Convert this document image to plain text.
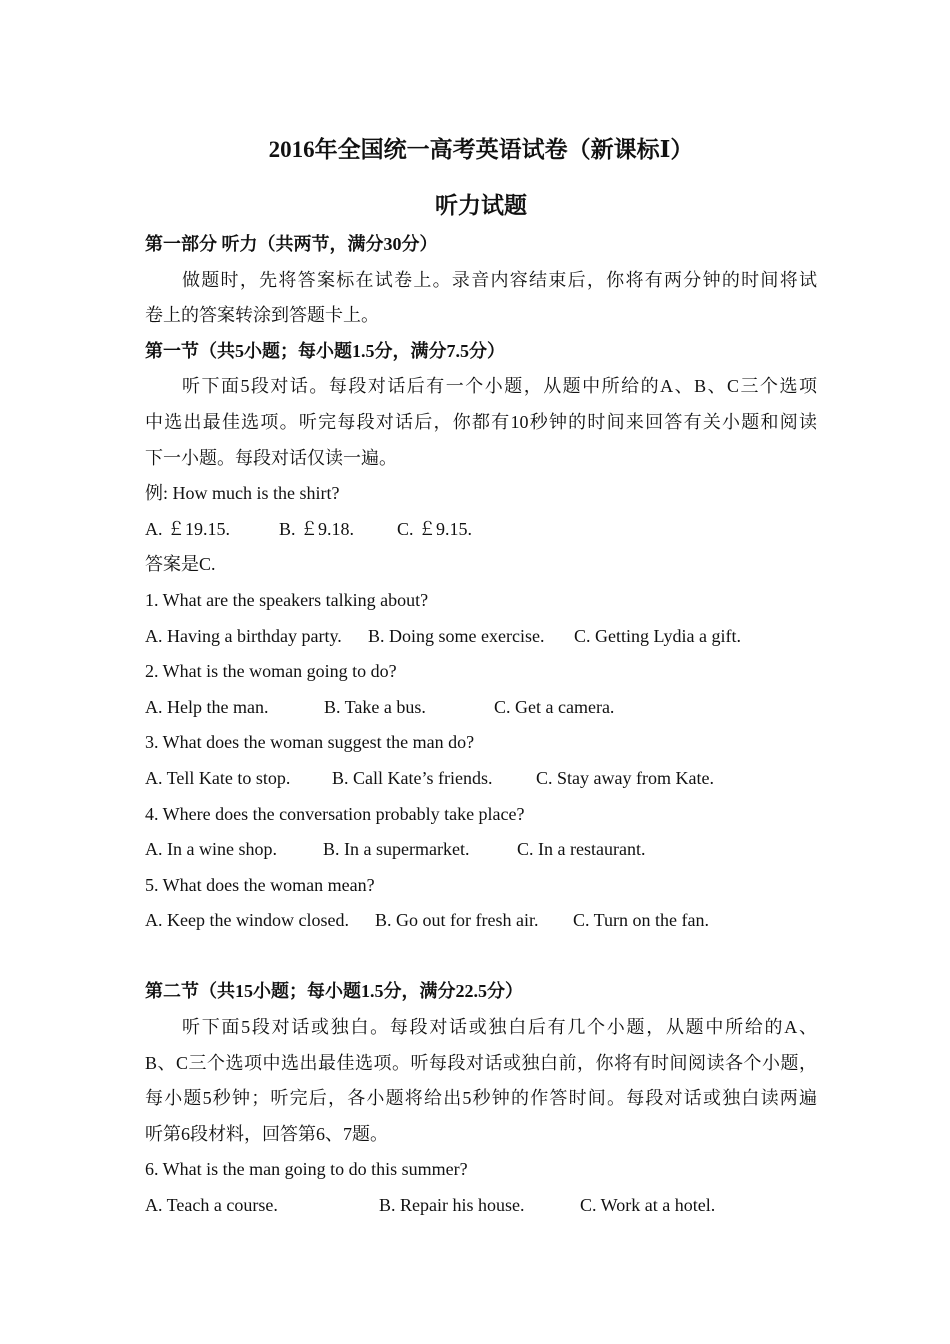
2016年全国统一高考英语试卷（新课标Ⅰ）

听力试题

第一部分 听力（共两节，满分30分）

做题时，先将答案标在试卷上。录音内容结束后，你将有两分钟的时间将试

卷上的答案转涂到答题卡上。

第一节（共5小题；每小题1.5分，满分7.5分）

听下面5段对话。每段对话后有一个小题，从题中所给的A、B、C三个选项

中选出最佳选项。听完每段对话后，你都有10秒钟的时间来回答有关小题和阅读

下一小题。每段对话仅读一遍。

例: How much is the shirt?

A. ￡19.15.	B. ￡9.18.	C. ￡9.15.

答案是C.

1. What are the speakers talking about?

A. Having a birthday party.	B. Doing some exercise.	C. Getting Lydia a gift.

2. What is the woman going to do?

A. Help the man.	B. Take a bus.	C. Get a camera.

3. What does the woman suggest the man do?

A. Tell Kate to stop.	B. Call Kate’s friends.	C. Stay away from Kate.

4. Where does the conversation probably take place?

A. In a wine shop.	B. In a supermarket.	C. In a restaurant.

5. What does the woman mean?

A. Keep the window closed.	B. Go out for fresh air.	C. Turn on the fan.

第二节（共15小题；每小题1.5分，满分22.5分）

听下面5段对话或独白。每段对话或独白后有几个小题，从题中所给的A、

B、C三个选项中选出最佳选项。听每段对话或独白前，你将有时间阅读各个小题，

每小题5秒钟；听完后，各小题将给出5秒钟的作答时间。每段对话或独白读两遍

听第6段材料，回答第6、7题。

6. What is the man going to do this summer?

A. Teach a course.	B. Repair his house.	C. Work at a hotel.
